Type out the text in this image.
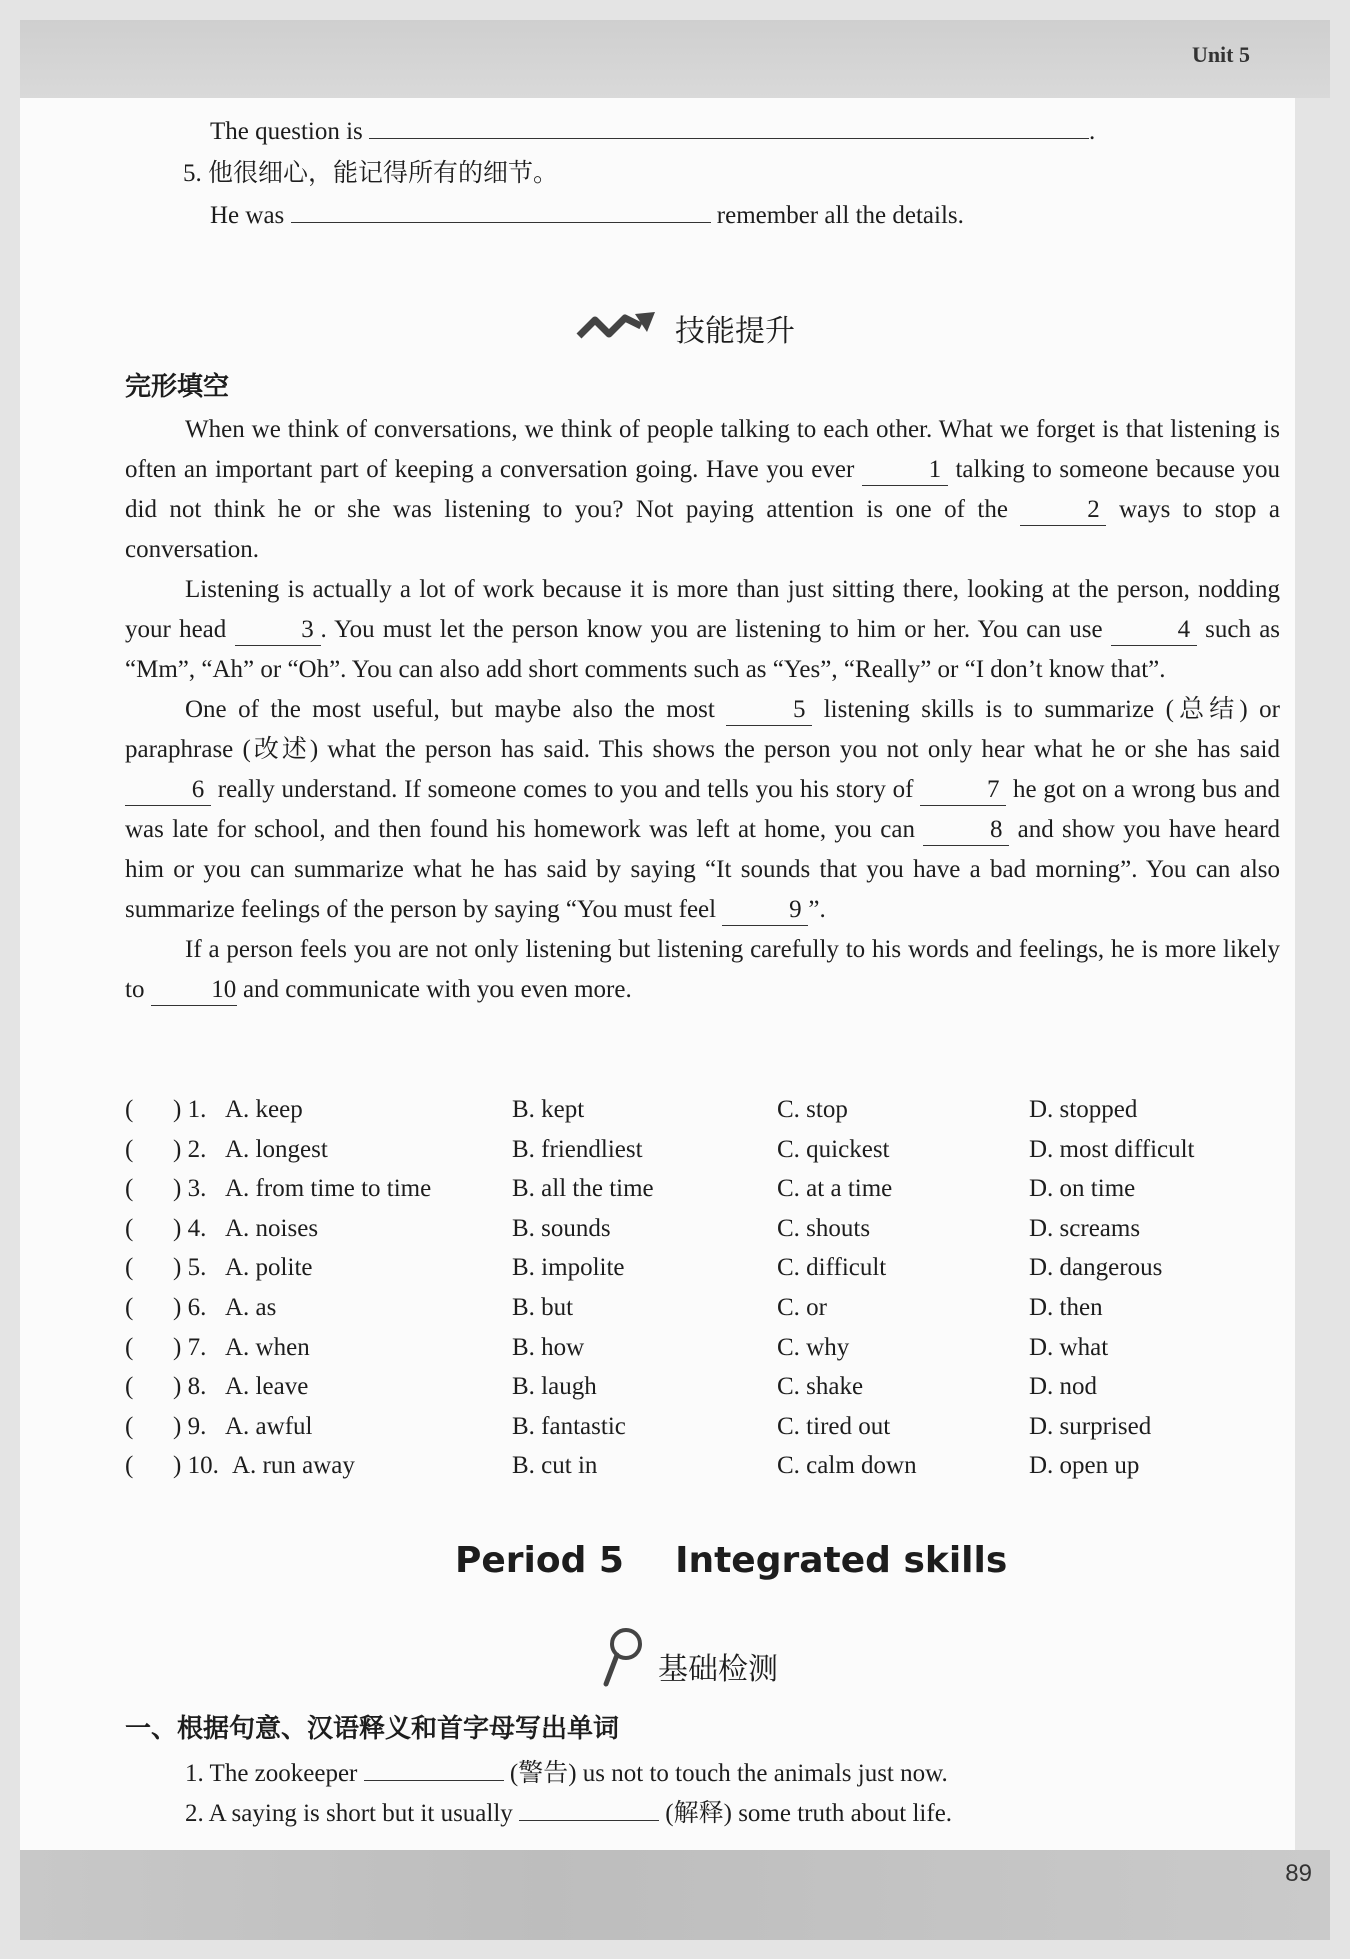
Unit 5
89
The question is	.
5. 他很细心，能记得所有的细节。
He was	remember all the details.
技能提升
完形填空

When we think of conversations, we think of people talking to each other. What we forget is that listening is often an important part of keeping a conversation going. Have you ever	1 talking to someone because you did not think he or she was listening to you? Not paying attention is one of the	2 ways to stop a conversation.

Listening is actually a lot of work because it is more than just sitting there, looking at the person, nodding your head	3 . You must let the person know you are listening to him or her. You can use	4 such as “Mm”, “Ah” or “Oh”. You can also add short comments such as “Yes”, “Really” or “I don’t know that”.

One of the most useful, but maybe also the most	5 listening skills is to summarize (总结) or paraphrase (改述) what the person has said. This shows the person you not only hear what he or she has said 6 really understand. If someone comes to you and tells you his story of	7 he got on a wrong bus and was late for school, and then found his homework was left at home, you can	8 and show you have heard him or you can summarize what he has said by saying “It sounds that you have a bad morning”. You can also summarize feelings of the person by saying “You must feel	9 ”.

If a person feels you are not only listening but listening carefully to his words and feelings, he is more likely to	10 and communicate with you even more.

( ) 1. A. keep	B. kept	C. stop	D. stopped
( ) 2. A. longest	B. friendliest	C. quickest	D. most difficult
( ) 3. A. from time to time	B. all the time	C. at a time	D. on time
( ) 4. A. noises	B. sounds	C. shouts	D. screams
( ) 5. A. polite	B. impolite	C. difficult	D. dangerous
( ) 6. A. as	B. but	C. or	D. then
( ) 7. A. when	B. how	C. why	D. what
( ) 8. A. leave	B. laugh	C. shake	D. nod
( ) 9. A. awful	B. fantastic	C. tired out	D. surprised
( ) 10. A. run away	B. cut in	C. calm down	D. open up
Period 5 Integrated skills
基础检测
一、根据句意、汉语释义和首字母写出单词
1. The zookeeper	(警告) us not to touch the animals just now.
2. A saying is short but it usually	(解释) some truth about life.
